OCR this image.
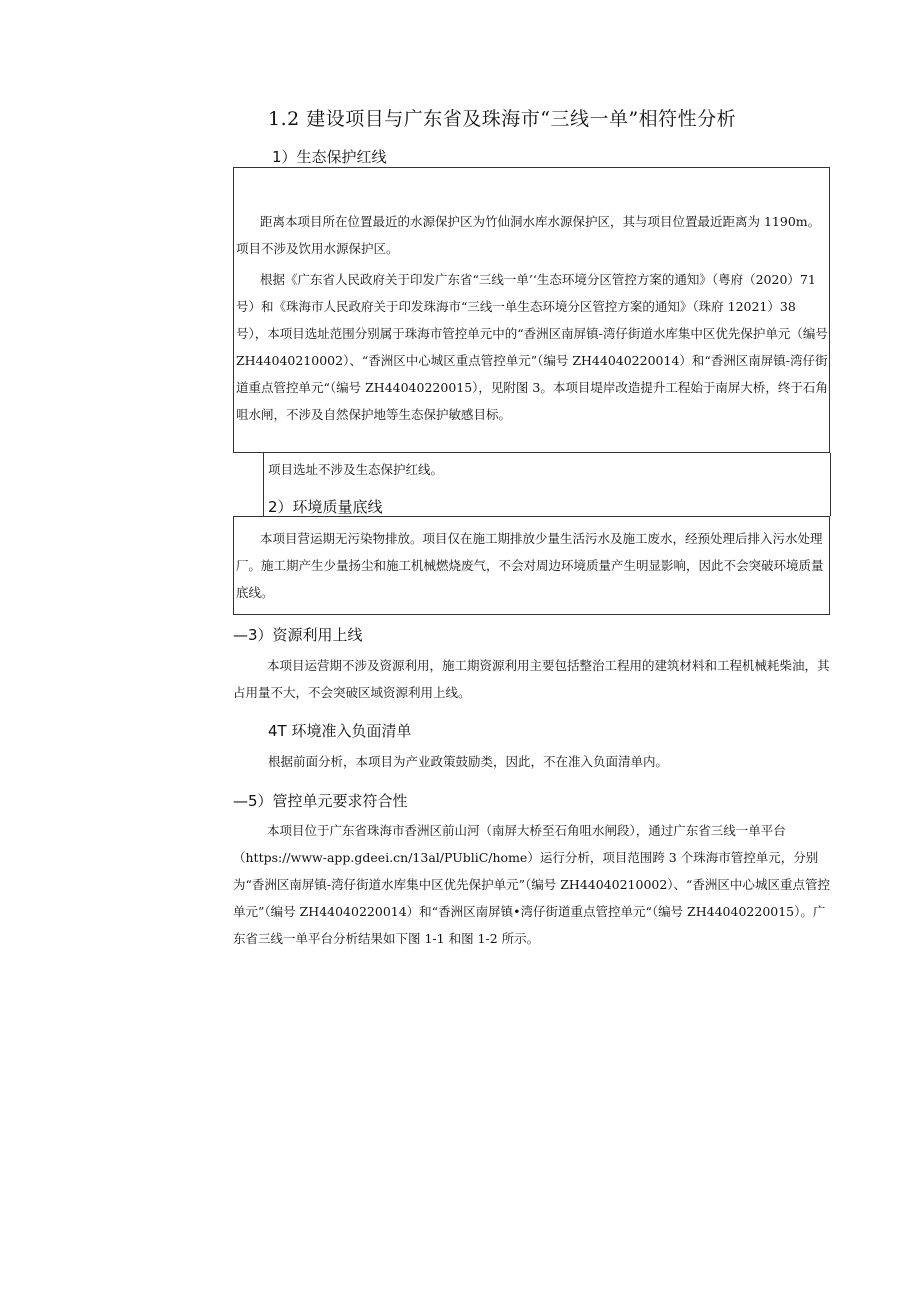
1.2 建设项目与广东省及珠海市“三线一单”相符性分析
1）生态保护红线

距离本项目所在位置最近的水源保护区为竹仙洞水库水源保护区，其与项目位置最近距离为 1190m。项目不涉及饮用水源保护区。

根据《广东省人民政府关于印发广东省“三线一单’‘生态环境分区管控方案的通知》（粤府（2020）71 号）和《珠海市人民政府关于印发珠海市“三线一单生态环境分区管控方案的通知》（珠府 12021）38 号），本项目选址范围分别属于珠海市管控单元中的“香洲区南屏镇-湾仔街道水库集中区优先保护单元（编号 ZH44040210002）、“香洲区中心城区重点管控单元”（编号 ZH44040220014）和“香洲区南屏镇-湾仔街道重点管控单元“（编号 ZH44040220015），见附图 3。本项目堤岸改造提升工程始于南屏大桥，终于石角咀水闸，不涉及自然保护地等生态保护敏感目标。

项目选址不涉及生态保护红线。
2）环境质量底线

本项目营运期无污染物排放。项目仅在施工期排放少量生活污水及施工废水，经预处理后排入污水处理厂。施工期产生少量扬尘和施工机械燃烧废气，不会对周边环境质量产生明显影响，因此不会突破环境质量底线。

—3）资源利用上线

本项目运营期不涉及资源利用，施工期资源利用主要包括整治工程用的建筑材料和工程机械耗柴油，其占用量不大，不会突破区域资源利用上线。

4T 环境准入负面清单
根据前面分析，本项目为产业政策鼓励类，因此，不在准入负面清单内。
—5）管控单元要求符合性

本项目位于广东省珠海市香洲区前山河（南屏大桥至石角咀水闸段），通过广东省三线一单平台（https://www-app.gdeei.cn/13al/PUbliC/home）运行分析，项目范围跨 3 个珠海市管控单元，分别为“香洲区南屏镇-湾仔街道水库集中区优先保护单元”（编号 ZH44040210002）、“香洲区中心城区重点管控单元”（编号 ZH44040220014）和“香洲区南屏镇•湾仔街道重点管控单元“（编号 ZH44040220015）。广东省三线一单平台分析结果如下图 1-1 和图 1-2 所示。
